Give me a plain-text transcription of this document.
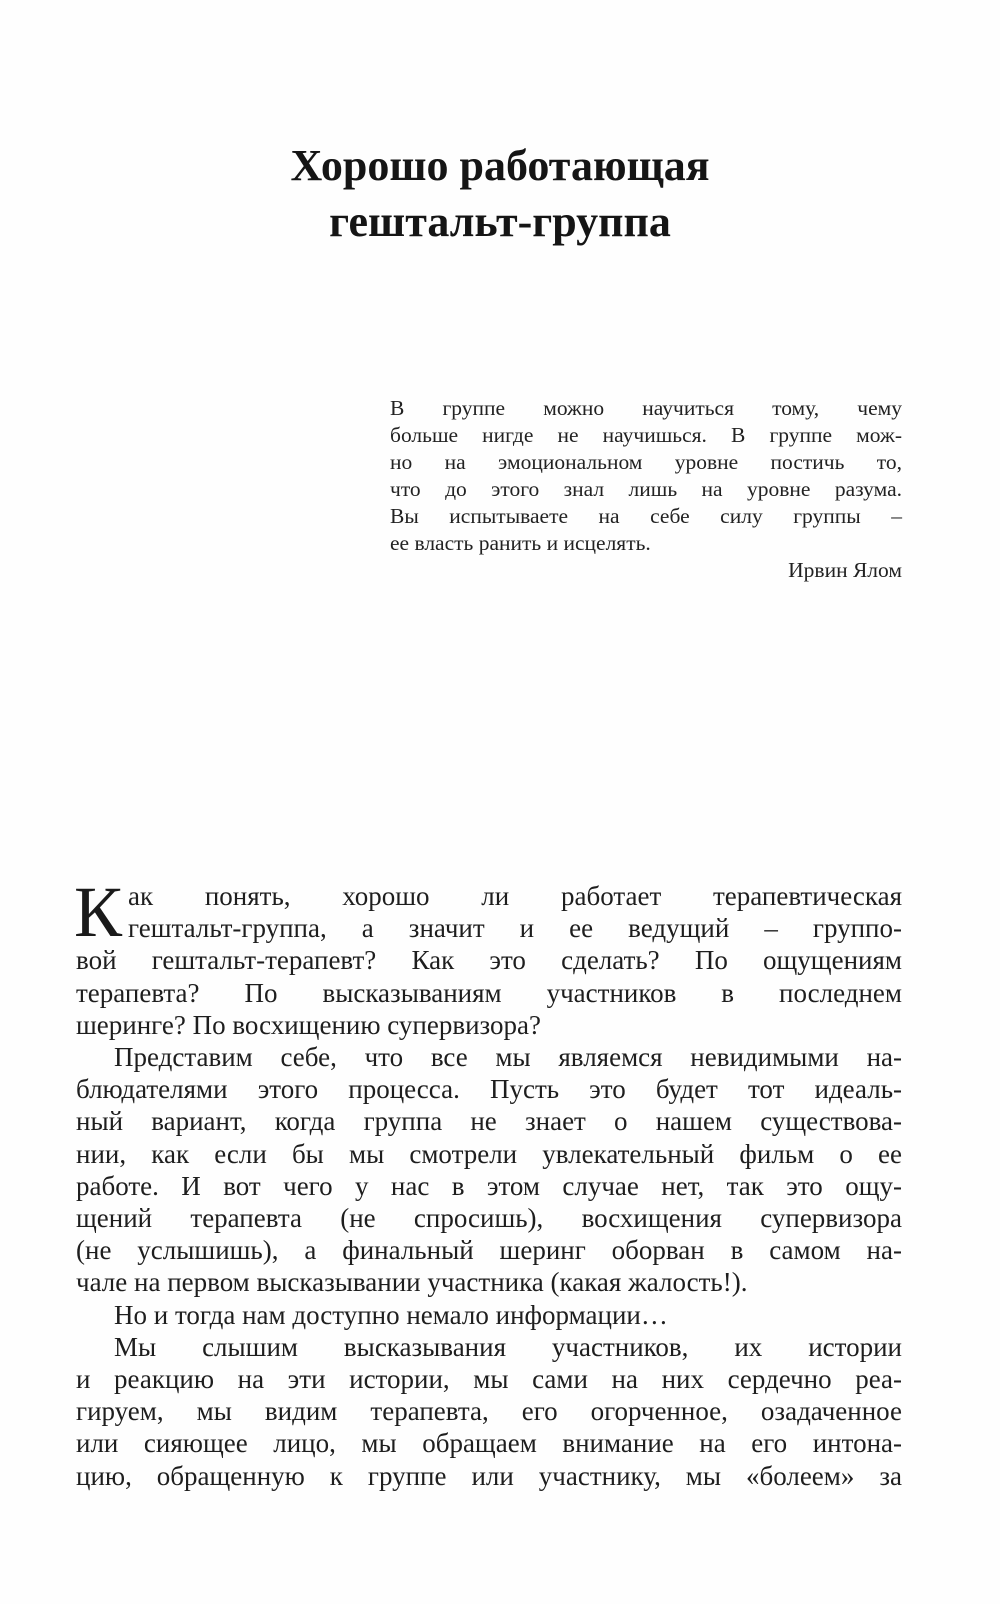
Хорошо работающая
гештальт-группа
В группе можно научиться тому, чему
больше нигде не научишься. В группе мож-
но на эмоциональном уровне постичь то,
что до этого знал лишь на уровне разума.
Вы испытываете на себе силу группы –
ее власть ранить и исцелять.
Ирвин Ялом
К ак понять, хорошо ли работает терапевтическая
гештальт-группа, а значит и ее ведущий – группо-
вой гештальт-терапевт? Как это сделать? По ощущениям
терапевта? По высказываниям участников в последнем
шеринге? По восхищению супервизора?
Представим себе, что все мы являемся невидимыми на-
блюдателями этого процесса. Пусть это будет тот идеаль-
ный вариант, когда группа не знает о нашем существова-
нии, как если бы мы смотрели увлекательный фильм о ее
работе. И вот чего у нас в этом случае нет, так это ощу-
щений терапевта (не спросишь), восхищения супервизора
(не услышишь), а финальный шеринг оборван в самом на-
чале на первом высказывании участника (какая жалость!).
Но и тогда нам доступно немало информации…
Мы слышим высказывания участников, их истории
и реакцию на эти истории, мы сами на них сердечно реа-
гируем, мы видим терапевта, его огорченное, озадаченное
или сияющее лицо, мы обращаем внимание на его интона-
цию, обращенную к группе или участнику, мы «болеем» за
